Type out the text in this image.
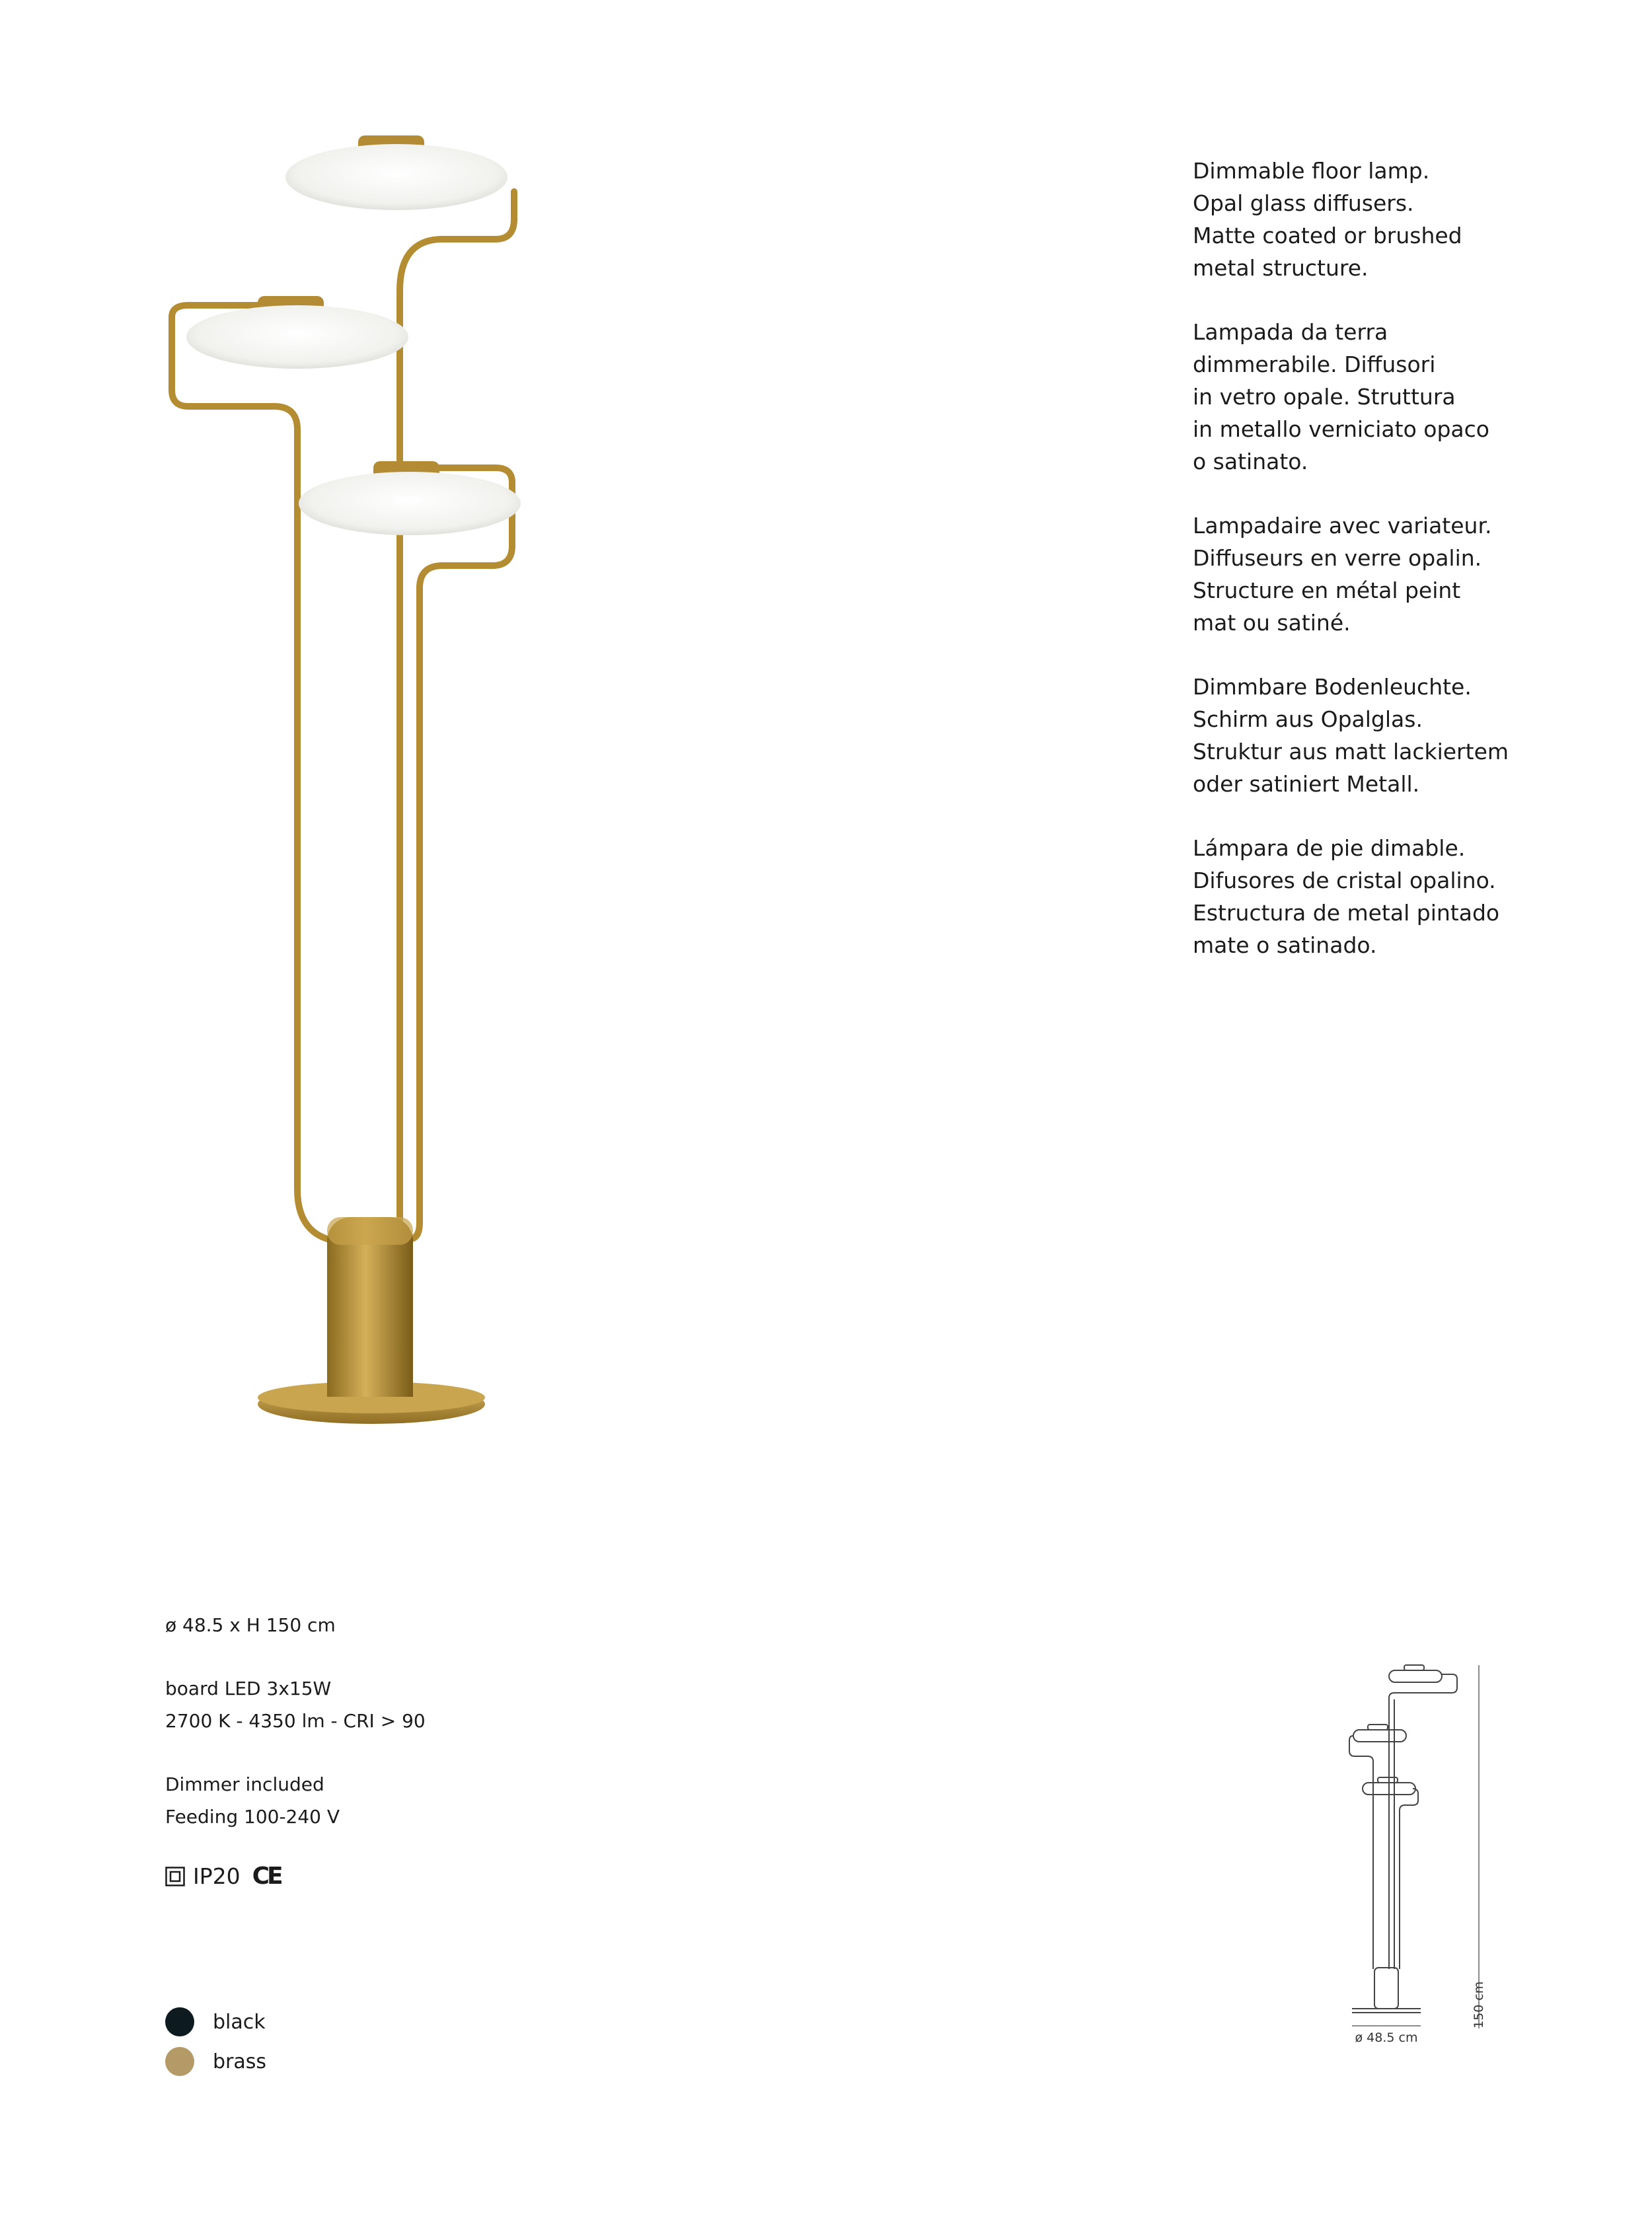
Dimmable floor lamp.
Opal glass diffusers.
Matte coated or brushed
metal structure.
Lampada da terra
dimmerabile. Diffusori
in vetro opale. Struttura
in metallo verniciato opaco
o satinato.
Lampadaire avec variateur.
Diffuseurs en verre opalin.
Structure en métal peint
mat ou satiné.
Dimmbare Bodenleuchte.
Schirm aus Opalglas.
Struktur aus matt lackiertem
oder satiniert Metall.
Lámpara de pie dimable.
Difusores de cristal opalino.
Estructura de metal pintado
mate o satinado.
ø 48.5 x H 150 cm
board LED 3x15W
2700 K - 4350 lm - CRI > 90
Dimmer included
Feeding 100-240 V
IP20 CE
black
brass
150 cm
ø 48.5 cm
